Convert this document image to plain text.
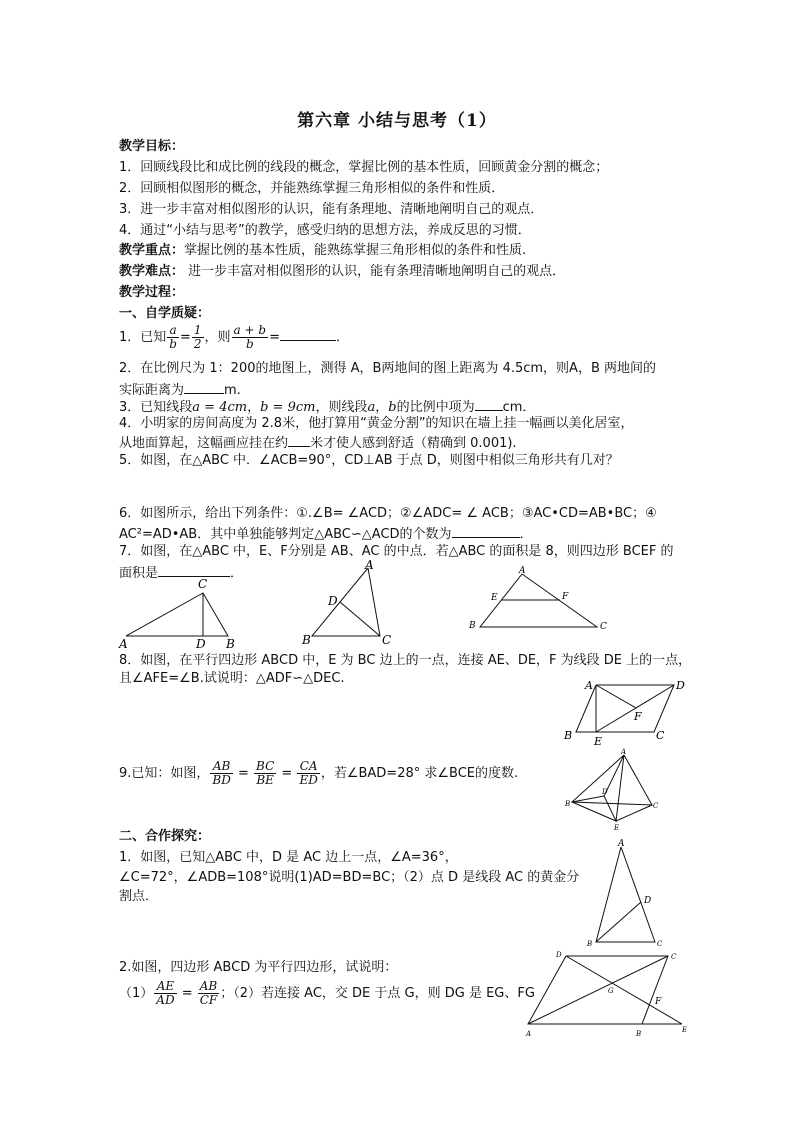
第六章 小结与思考（1）
教学目标：
1．回顾线段比和成比例的线段的概念，掌握比例的基本性质，回顾黄金分割的概念；
2．回顾相似图形的概念，并能熟练掌握三角形相似的条件和性质．
3．进一步丰富对相似图形的认识，能有条理地、清晰地阐明自己的观点．
4．通过“小结与思考”的教学，感受归纳的思想方法，养成反思的习惯．
教学重点：掌握比例的基本性质，能熟练掌握三角形相似的条件和性质.
教学难点： 进一步丰富对相似图形的认识，能有条理清晰地阐明自己的观点．
教学过程：
一、自学质疑：
1．已知 $\frac{a}{b} = \frac{1}{2}$ ，则 $\frac{a + b}{b}$ =	．
2．在比例尺为 1：200的地图上，测得 A，B两地间的图上距离为 4.5cm，则A，B 两地间的
实际距离为	m.
3．已知线段a = 4cm，b = 9cm，则线段a，b的比例中项为 cm．
4．小明家的房间高度为 2.8米，他打算用“黄金分割”的知识在墙上挂一幅画以美化居室，
从地面算起，这幅画应挂在约 米才使人感到舒适（精确到 0.001).
5．如图，在△ABC 中．∠ACB=90°，CD⊥AB 于点 D，则图中相似三角形共有几对？
6．如图所示，给出下列条件：①.∠B= ∠ACD；②∠ADC= ∠ ACB；③AC•CD=AB•BC；④
AC²=AD•AB．其中单独能够判定△ABC∽△ACD的个数为	．
7．如图，在△ABC 中，E、F分别是 AB、AC 的中点．若△ABC 的面积是 8，则四边形 BCEF 的
面积是	．
A
C
D B
A
D
B	C
A
E	F
B	C
8．如图，在平行四边形 ABCD 中，E 为 BC 边上的一点，连接 AE、DE，F 为线段 DE 上的一点，
且∠AFE=∠B.试说明：△ADF∽△DEC.	A	D
F
B E	C
9.已知：如图， $\frac{AB}{BD} = \frac{BC}{BE} = \frac{CA}{ED}$ ，若∠BAD=28° 求∠BCE的度数.
A
D
B	C
E
二、合作探究：
1．如图，已知△ABC 中，D 是 AC 边上一点，∠A=36°，
∠C=72°，∠ADB=108°说明(1)AD=BD=BC；（2）点 D 是线段 AC 的黄金分
割点．
A
D
B	C
2.如图，四边形 ABCD 为平行四边形，试说明：
$(1) \frac{AE}{AD} = \frac{AB}{CF}$ ；（2）若连接 AC，交 DE 于点 G，则 DG 是 EG、FG
D	C
G
F
A	B	E
